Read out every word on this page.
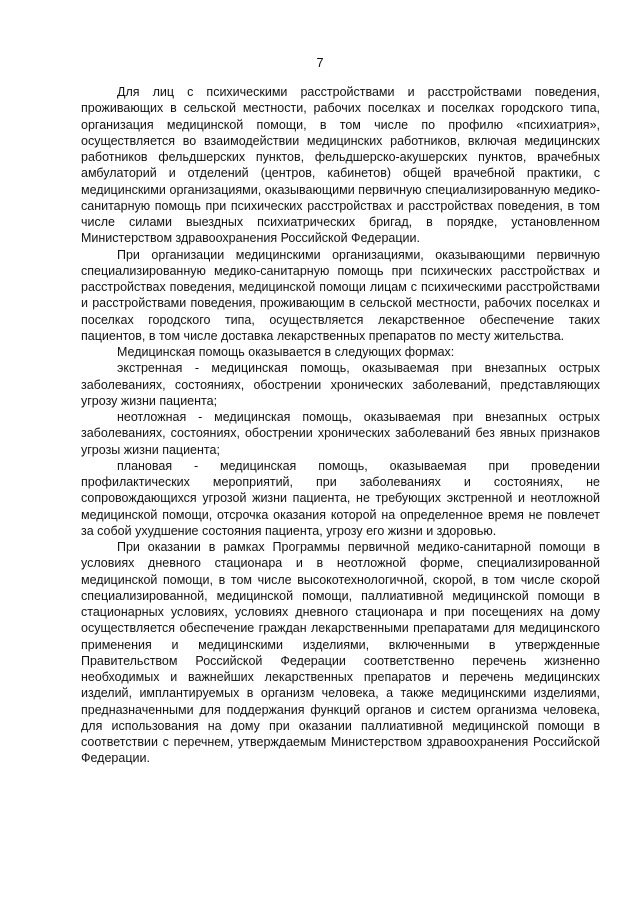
7

Для лиц с психическими расстройствами и расстройствами поведения, проживающих в сельской местности, рабочих поселках и поселках городского типа, организация медицинской помощи, в том числе по профилю «психиатрия», осуществляется во взаимодействии медицинских работников, включая медицинских работников фельдшерских пунктов, фельдшерско-акушерских пунктов, врачебных амбулаторий и отделений (центров, кабинетов) общей врачебной практики, с медицинскими организациями, оказывающими первичную специализированную медико-санитарную помощь при психических расстройствах и расстройствах поведения, в том числе силами выездных психиатрических бригад, в порядке, установленном Министерством здравоохранения Российской Федерации.

При организации медицинскими организациями, оказывающими первичную специализированную медико-санитарную помощь при психических расстройствах и расстройствах поведения, медицинской помощи лицам с психическими расстройствами и расстройствами поведения, проживающим в сельской местности, рабочих поселках и поселках городского типа, осуществляется лекарственное обеспечение таких пациентов, в том числе доставка лекарственных препаратов по месту жительства.

Медицинская помощь оказывается в следующих формах:

экстренная - медицинская помощь, оказываемая при внезапных острых заболеваниях, состояниях, обострении хронических заболеваний, представляющих угрозу жизни пациента;

неотложная - медицинская помощь, оказываемая при внезапных острых заболеваниях, состояниях, обострении хронических заболеваний без явных признаков угрозы жизни пациента;

плановая - медицинская помощь, оказываемая при проведении профилактических мероприятий, при заболеваниях и состояниях, не сопровождающихся угрозой жизни пациента, не требующих экстренной и неотложной медицинской помощи, отсрочка оказания которой на определенное время не повлечет за собой ухудшение состояния пациента, угрозу его жизни и здоровью.

При оказании в рамках Программы первичной медико-санитарной помощи в условиях дневного стационара и в неотложной форме, специализированной медицинской помощи, в том числе высокотехнологичной, скорой, в том числе скорой специализированной, медицинской помощи, паллиативной медицинской помощи в стационарных условиях, условиях дневного стационара и при посещениях на дому осуществляется обеспечение граждан лекарственными препаратами для медицинского применения и медицинскими изделиями, включенными в утвержденные Правительством Российской Федерации соответственно перечень жизненно необходимых и важнейших лекарственных препаратов и перечень медицинских изделий, имплантируемых в организм человека, а также медицинскими изделиями, предназначенными для поддержания функций органов и систем организма человека, для использования на дому при оказании паллиативной медицинской помощи в соответствии с перечнем, утверждаемым Министерством здравоохранения Российской Федерации.
